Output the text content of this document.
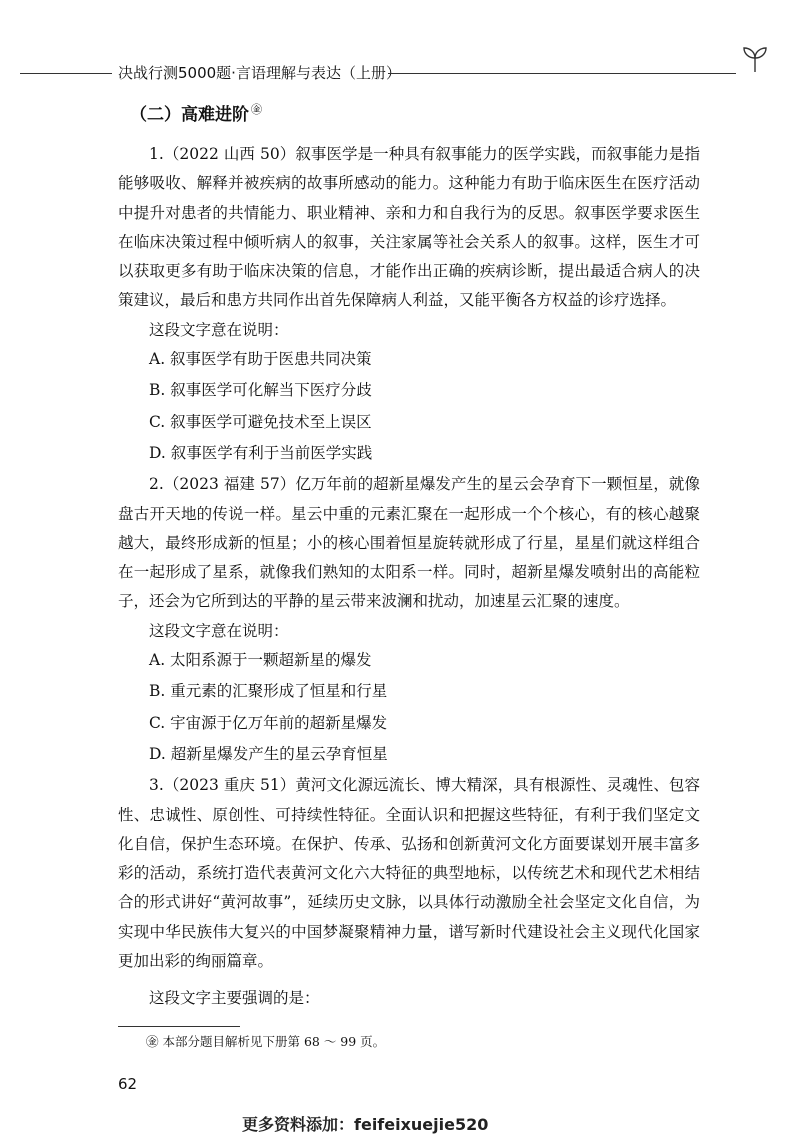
决战行测5000题·言语理解与表达（上册）
（二）高难进阶 ㊎

1.（2022 山西 50）叙事医学是一种具有叙事能力的医学实践，而叙事能力是指能够吸收、解释并被疾病的故事所感动的能力。这种能力有助于临床医生在医疗活动中提升对患者的共情能力、职业精神、亲和力和自我行为的反思。叙事医学要求医生在临床决策过程中倾听病人的叙事，关注家属等社会关系人的叙事。这样，医生才可以获取更多有助于临床决策的信息，才能作出正确的疾病诊断，提出最适合病人的决策建议，最后和患方共同作出首先保障病人利益，又能平衡各方权益的诊疗选择。

这段文字意在说明：

A. 叙事医学有助于医患共同决策

B. 叙事医学可化解当下医疗分歧

C. 叙事医学可避免技术至上误区

D. 叙事医学有利于当前医学实践

2.（2023 福建 57）亿万年前的超新星爆发产生的星云会孕育下一颗恒星，就像盘古开天地的传说一样。星云中重的元素汇聚在一起形成一个个核心，有的核心越聚越大，最终形成新的恒星；小的核心围着恒星旋转就形成了行星，星星们就这样组合在一起形成了星系，就像我们熟知的太阳系一样。同时，超新星爆发喷射出的高能粒子，还会为它所到达的平静的星云带来波澜和扰动，加速星云汇聚的速度。

这段文字意在说明：

A. 太阳系源于一颗超新星的爆发

B. 重元素的汇聚形成了恒星和行星

C. 宇宙源于亿万年前的超新星爆发

D. 超新星爆发产生的星云孕育恒星

3.（2023 重庆 51）黄河文化源远流长、博大精深，具有根源性、灵魂性、包容性、忠诚性、原创性、可持续性特征。全面认识和把握这些特征，有利于我们坚定文化自信，保护生态环境。在保护、传承、弘扬和创新黄河文化方面要谋划开展丰富多彩的活动，系统打造代表黄河文化六大特征的典型地标，以传统艺术和现代艺术相结合的形式讲好“黄河故事”，延续历史文脉，以具体行动激励全社会坚定文化自信，为实现中华民族伟大复兴的中国梦凝聚精神力量，谱写新时代建设社会主义现代化国家更加出彩的绚丽篇章。

这段文字主要强调的是：

㊎ 本部分题目解析见下册第 68 ～ 99 页。
62
更多资料添加：feifeixuejie520
